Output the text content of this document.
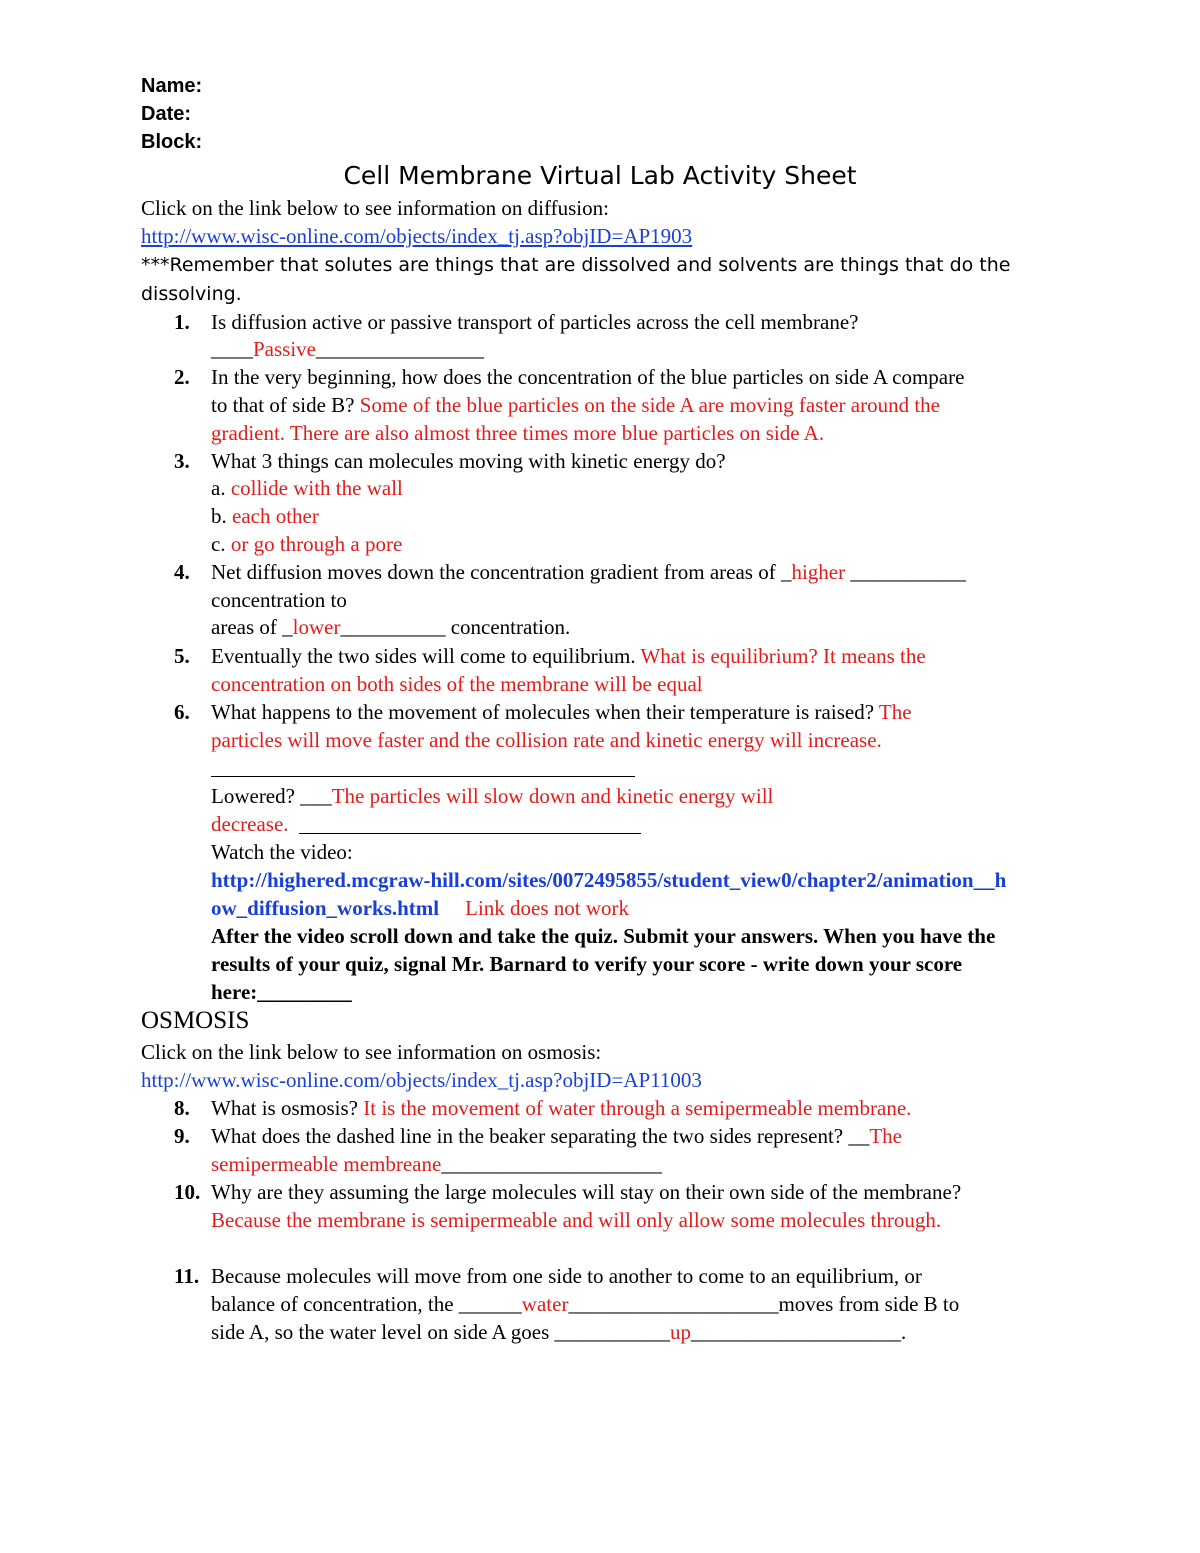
Name:
Date:
Block:
Cell Membrane Virtual Lab Activity Sheet
Click on the link below to see information on diffusion:
http://www.wisc-online.com/objects/index_tj.asp?objID=AP1903
***Remember that solutes are things that are dissolved and solvents are things that do the
dissolving.
1. Is diffusion active or passive transport of particles across the cell membrane?
____Passive________________
2. In the very beginning, how does the concentration of the blue particles on side A compare
to that of side B? Some of the blue particles on the side A are moving faster around the
gradient. There are also almost three times more blue particles on side A.
3. What 3 things can molecules moving with kinetic energy do?
a. collide with the wall
b. each other
c. or go through a pore
4. Net diffusion moves down the concentration gradient from areas of _higher ___________
concentration to
areas of _lower__________ concentration.
5. Eventually the two sides will come to equilibrium. What is equilibrium? It means the
concentration on both sides of the membrane will be equal
6. What happens to the movement of molecules when their temperature is raised? The
particles will move faster and the collision rate and kinetic energy will increase.
Lowered? ___The particles will slow down and kinetic energy will
decrease.
Watch the video:
http://highered.mcgraw-hill.com/sites/0072495855/student_view0/chapter2/animation__h
ow_diffusion_works.html Link does not work
After the video scroll down and take the quiz. Submit your answers. When you have the
results of your quiz, signal Mr. Barnard to verify your score - write down your score
here:_________
OSMOSIS
Click on the link below to see information on osmosis:
http://www.wisc-online.com/objects/index_tj.asp?objID=AP11003
8. What is osmosis? It is the movement of water through a semipermeable membrane.
9. What does the dashed line in the beaker separating the two sides represent? __The
semipermeable membreane_____________________
10. Why are they assuming the large molecules will stay on their own side of the membrane?
Because the membrane is semipermeable and will only allow some molecules through.
11. Because molecules will move from one side to another to come to an equilibrium, or
balance of concentration, the ______water____________________moves from side B to
side A, so the water level on side A goes ___________up____________________.
